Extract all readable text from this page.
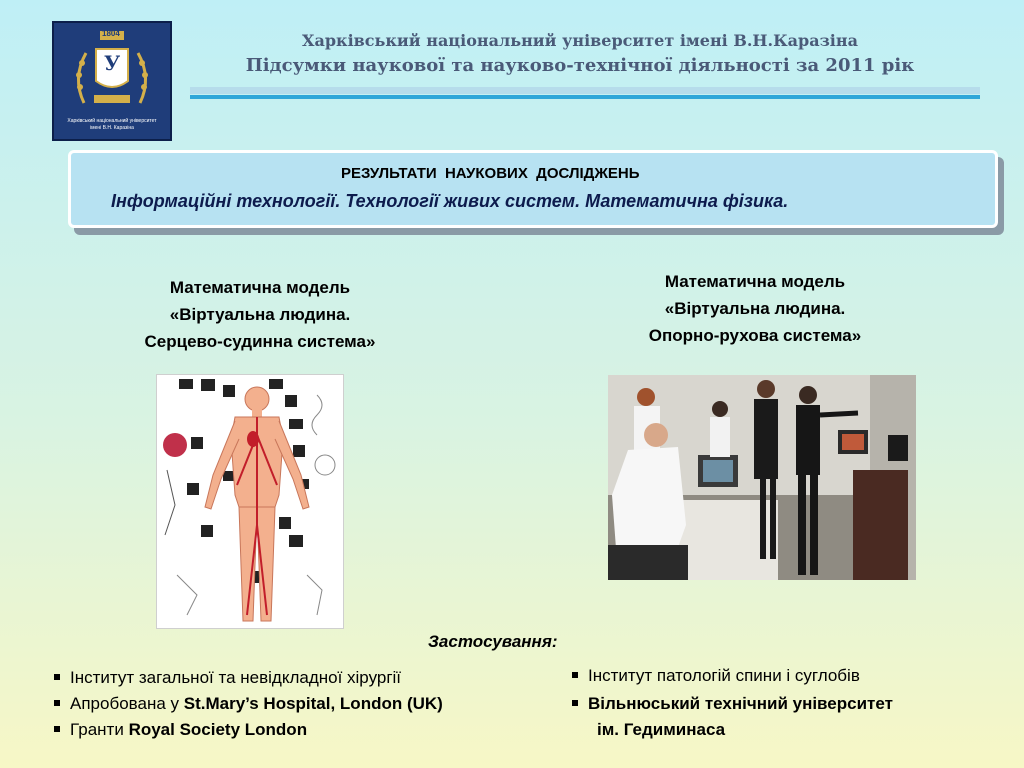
1804
У
Харківський національний університет
імені В.Н. Каразіна
Харківський національний університет імені В.Н.Каразіна
Підсумки наукової та науково-технічної діяльності за 2011 рік
РЕЗУЛЬТАТИ  НАУКОВИХ  ДОСЛІДЖЕНЬ
Інформаційні технології. Технології живих систем. Математична фізика.
Математична модель
«Віртуальна людина.
Серцево-судинна система»
Математична модель
«Віртуальна людина.
Опорно-рухова система»
Застосування:
Інститут загальної та невідкладної хірургії
Апробована у St.Mary’s Hospital, London (UK)
Гранти Royal Society London
Інститут патологій спини і суглобів
Вільнюський технічний університет
ім. Гедиминаса
